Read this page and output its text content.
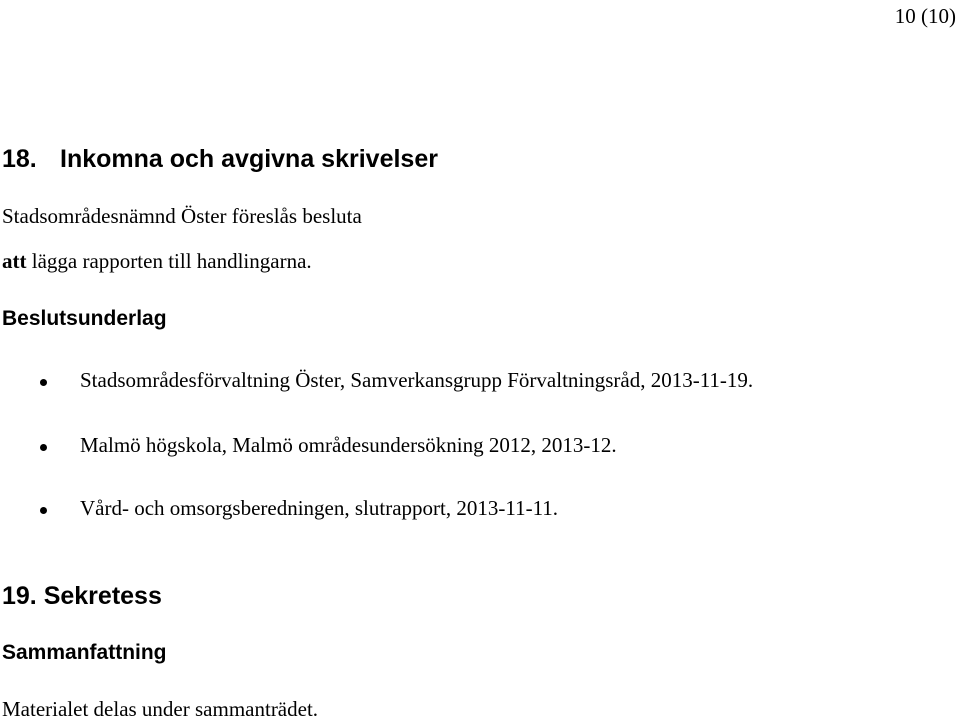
10 (10)
18. Inkomna och avgivna skrivelser
Stadsområdesnämnd Öster föreslås besluta
att lägga rapporten till handlingarna.
Beslutsunderlag
Stadsområdesförvaltning Öster, Samverkansgrupp Förvaltningsråd, 2013-11-19.
Malmö högskola, Malmö områdesundersökning 2012, 2013-12.
Vård- och omsorgsberedningen, slutrapport, 2013-11-11.
19. Sekretess
Sammanfattning
Materialet delas under sammanträdet.
